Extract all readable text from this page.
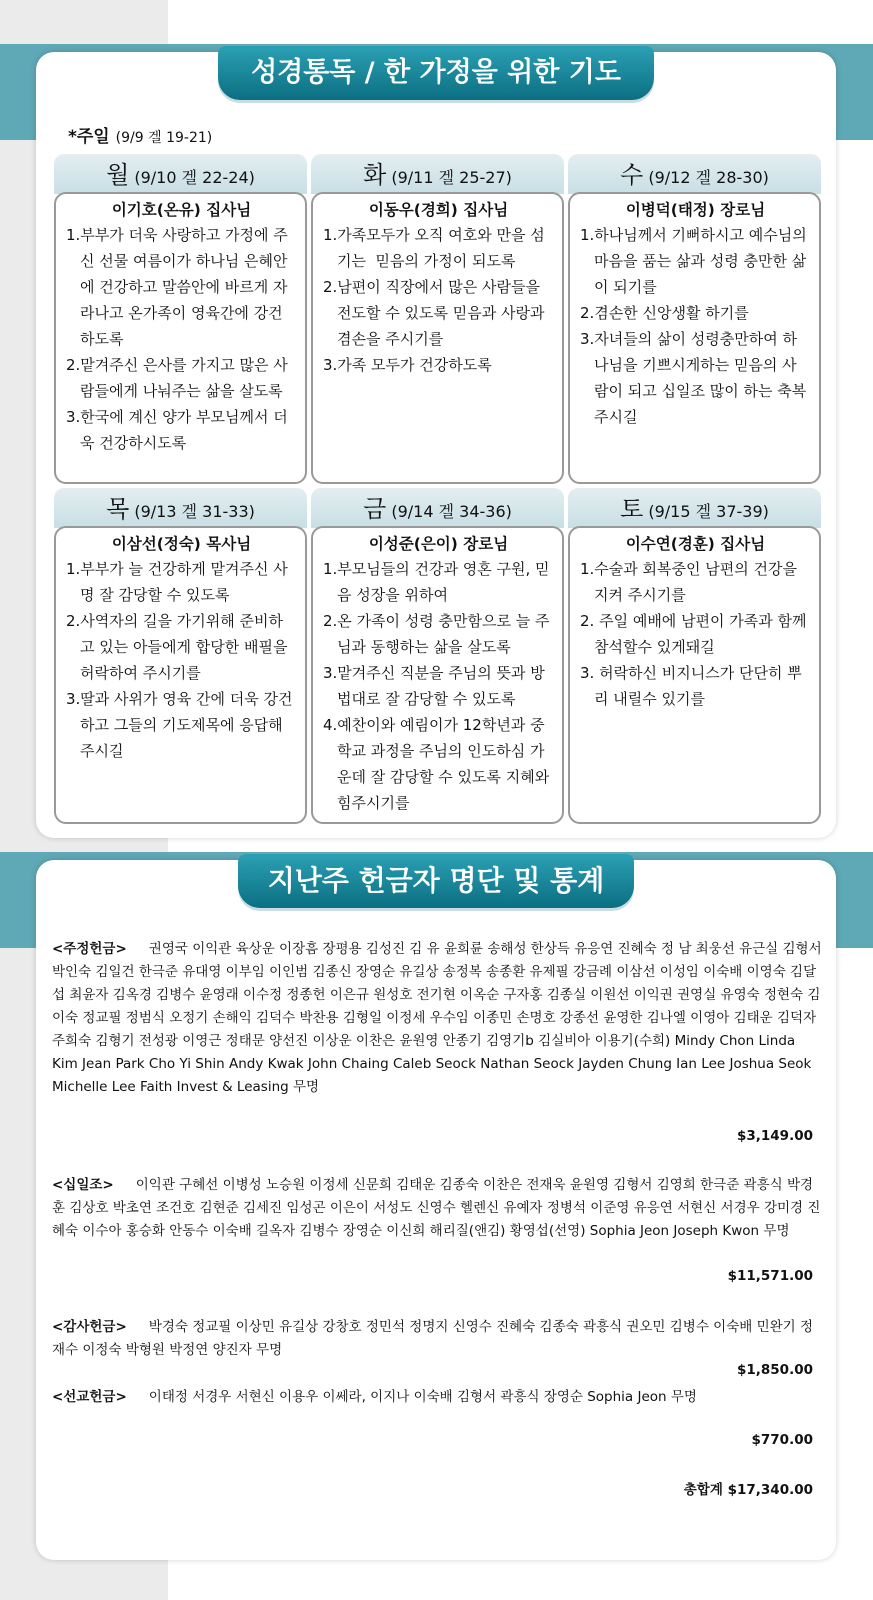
성경통독 / 한 가정을 위한 기도
*주일 (9/9 겔 19-21)
월 (9/10 겔 22-24)
이기호(온유) 집사님
1.부부가 더욱 사랑하고 가정에 주신 선물 여름이가 하나님 은혜안에 건강하고 말씀안에 바르게 자라나고 온가족이 영육간에 강건 하도록
2.맡겨주신 은사를 가지고 많은 사람들에게 나눠주는 삶을 살도록
3.한국에 계신 양가 부모님께서 더욱 건강하시도록
화 (9/11 겔 25-27)
이동우(경희) 집사님
1.가족모두가 오직 여호와 만을 섬기는  믿음의 가정이 되도록
2.남편이 직장에서 많은 사람들을 전도할 수 있도록 믿음과 사랑과 겸손을 주시기를
3.가족 모두가 건강하도록
수 (9/12 겔 28-30)
이병덕(태정) 장로님
1.하나님께서 기뻐하시고 예수님의 마음을 품는 삶과 성령 충만한 삶이 되기를
2.겸손한 신앙생활 하기를
3.자녀들의 삶이 성령충만하여 하나님을 기쁘시게하는 믿음의 사람이 되고 십일조 많이 하는 축복 주시길
목 (9/13 겔 31-33)
이삼선(정숙) 목사님
1.부부가 늘 건강하게 맡겨주신 사명 잘 감당할 수 있도록
2.사역자의 길을 가기위해 준비하고 있는 아들에게 합당한 배필을 허락하여 주시기를
3.딸과 사위가 영육 간에 더욱 강건하고 그들의 기도제목에 응답해 주시길
금 (9/14 겔 34-36)
이성준(은이) 장로님
1.부모님들의 건강과 영혼 구원, 믿음 성장을 위하여
2.온 가족이 성령 충만함으로 늘 주님과 동행하는 삶을 살도록
3.맡겨주신 직분을 주님의 뜻과 방법대로 잘 감당할 수 있도록
4.예찬이와 예림이가 12학년과 중학교 과정을 주님의 인도하심 가운데 잘 감당할 수 있도록 지혜와 힘주시기를
토 (9/15 겔 37-39)
이수연(경훈) 집사님
1.수술과 회복중인 남편의 건강을 지켜 주시기를
2. 주일 예배에 남편이 가족과 함께 참석할수 있게돼길
3. 허락하신 비지니스가 단단히 뿌리 내릴수 있기를
지난주 헌금자 명단 및 통계
<주정헌금> 권영국 이익관 육상운 이장흠 장평용 김성진 김 유 윤희륜 송해성 한상득 유응연 진혜숙 정 남 최웅선 유근실 김형서 박인숙 김일건 한극준 유대영 이부임 이인범 김종신 장영순 유길상 송정복 송종환 유제필 강금례 이삼선 이성임 이숙배 이영숙 김달섭 최윤자 김옥경 김병수 윤영래 이수정 정종헌 이은규 원성호 전기현 이옥순 구자홍 김종실 이원선 이익권 권영실 유영숙 정현숙 김이숙 정교필 정범식 오정기 손해익 김덕수 박찬용 김형일 이정세 우수임 이종민 손명호 강종선 윤영한 김나엘 이영아 김태운 김덕자 주희숙 김형기 전성광 이영근 정태문 양선진 이상운 이찬은 윤원영 안종기 김영기b 김실비아 이용기(수희) Mindy Chon Linda Kim Jean Park Cho Yi Shin Andy Kwak John Chaing Caleb Seock Nathan Seock Jayden Chung Ian Lee Joshua Seok Michelle Lee Faith Invest & Leasing 무명
$3,149.00
<십일조> 이익관 구혜선 이병성 노승원 이정세 신문희 김태운 김종숙 이찬은 전재욱 윤원영 김형서 김영희 한극준 곽흥식 박경훈 김상호 박초연 조건호 김현준 김세진 임성곤 이은이 서성도 신영수 헬렌신 유예자 정병석 이준영 유응연 서현신 서경우 강미경 진혜숙 이수아 홍승화 안동수 이숙배 길옥자 김병수 장영순 이신희 해리질(앤김) 황영섭(선영) Sophia Jeon Joseph Kwon 무명
$11,571.00
<감사헌금> 박경숙 정교필 이상민 유길상 강창호 정민석 정명지 신영수 진혜숙 김종숙 곽흥식 권오민 김병수 이숙배 민완기 정재수 이정숙 박형원 박정연 양진자 무명
$1,850.00
<선교헌금> 이태정 서경우 서현신 이용우 이쎄라, 이지나 이숙배 김형서 곽흥식 장영순 Sophia Jeon 무명
$770.00
총합계 $17,340.00
